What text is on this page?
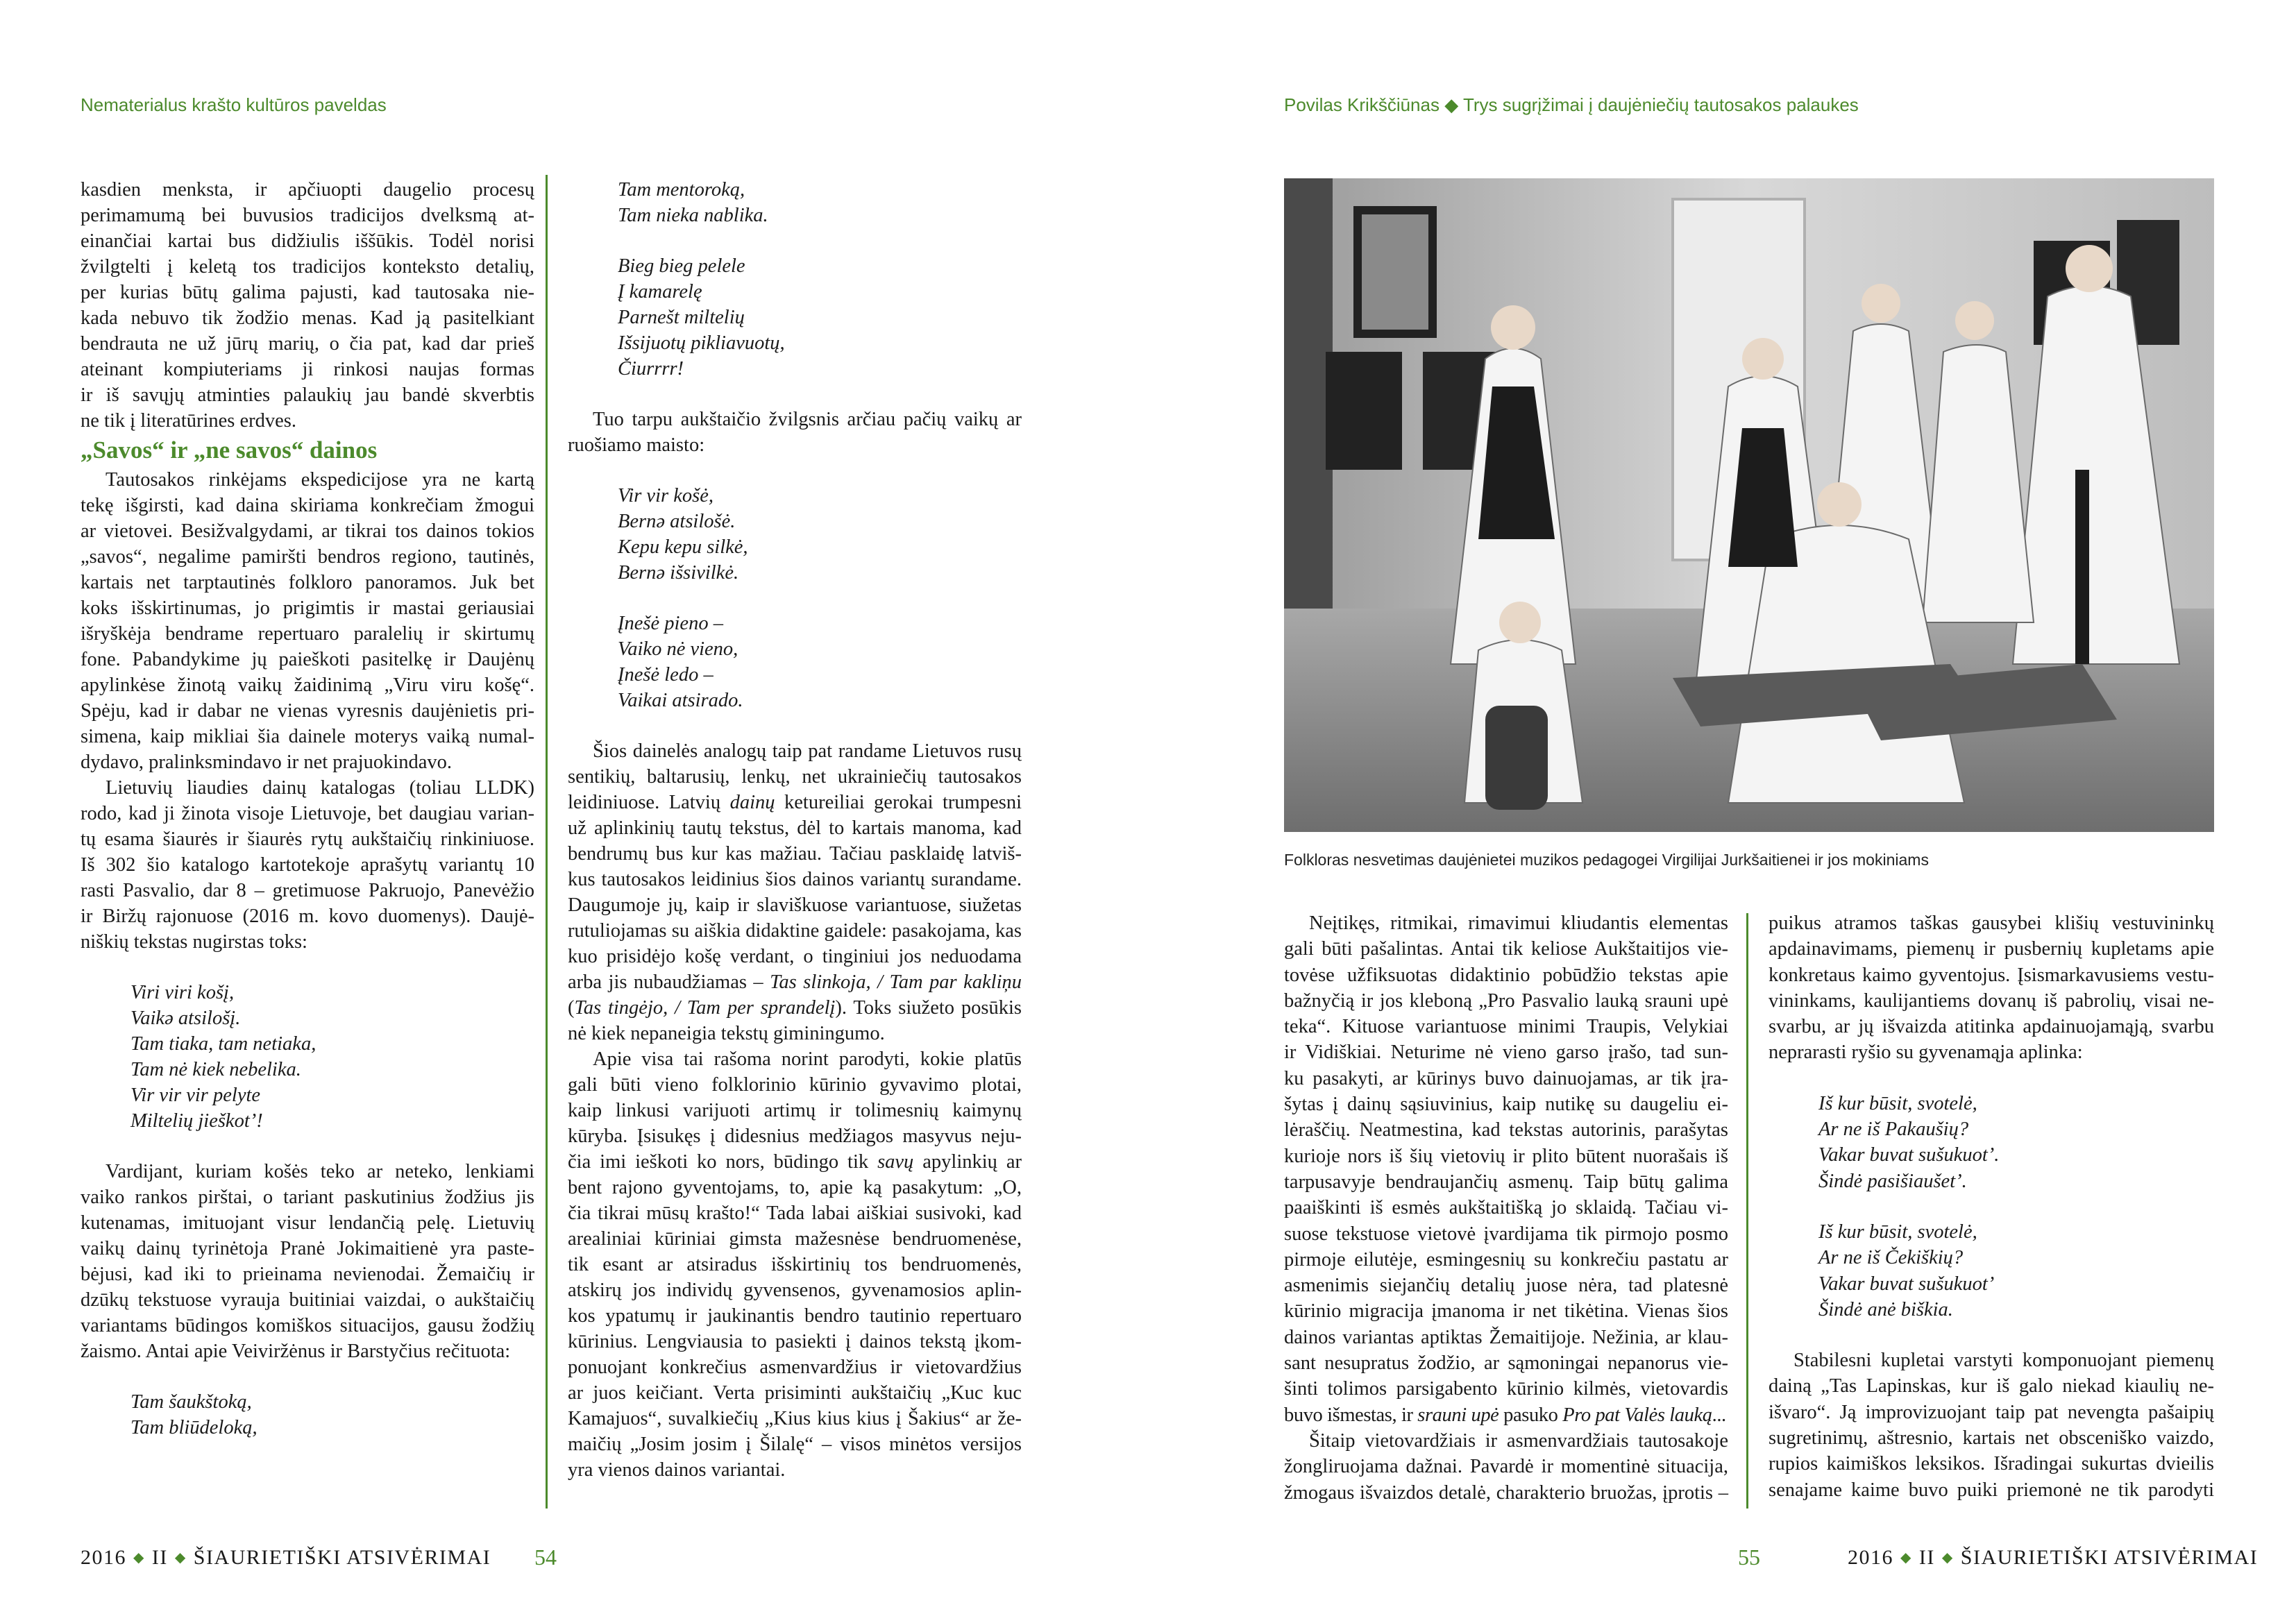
Nematerialus krašto kultūros paveldas
kasdien menksta, ir apčiuopti daugelio procesų
perimamumą bei buvusios tradicijos dvelksmą at-
einančiai kartai bus didžiulis iššūkis. Todėl norisi
žvilgtelti į keletą tos tradicijos konteksto detalių,
per kurias būtų galima pajusti, kad tautosaka nie-
kada nebuvo tik žodžio menas. Kad ją pasitelkiant
bendrauta ne už jūrų marių, o čia pat, kad dar prieš
ateinant kompiuteriams ji rinkosi naujas formas
ir iš savųjų atminties palaukių jau bandė skverbtis
ne tik į literatūrines erdves.
„Savos“ ir „ne savos“ dainos
Tautosakos rinkėjams ekspedicijose yra ne kartą
tekę išgirsti, kad daina skiriama konkrečiam žmogui
ar vietovei. Besižvalgydami, ar tikrai tos dainos tokios
„savos“, negalime pamiršti bendros regiono, tautinės,
kartais net tarptautinės folkloro panoramos. Juk bet
koks išskirtinumas, jo prigimtis ir mastai geriausiai
išryškėja bendrame repertuaro paralelių ir skirtumų
fone. Pabandykime jų paieškoti pasitelkę ir Daujėnų
apylinkėse žinotą vaikų žaidinimą „Viru viru košę“.
Spėju, kad ir dabar ne vienas vyresnis daujėnietis pri-
simena, kaip mikliai šia dainele moterys vaiką numal-
dydavo, pralinksmindavo ir net prajuokindavo.
Lietuvių liaudies dainų katalogas (toliau LLDK)
rodo, kad ji žinota visoje Lietuvoje, bet daugiau varian-
tų esama šiaurės ir šiaurės rytų aukštaičių rinkiniuose.
Iš 302 šio katalogo kartotekoje aprašytų variantų 10
rasti Pasvalio, dar 8 – gretimuose Pakruojo, Panevėžio
ir Biržų rajonuose (2016 m. kovo duomenys). Daujė-
niškių tekstas nugirstas toks:
Viri viri košį,
Vaikə atsilošį.
Tam tiaka, tam netiaka,
Tam nė kiek nebelika.
Vir vir vir pelyte
Miltelių jieškot’!
Vardijant, kuriam košės teko ar neteko, lenkiami
vaiko rankos pirštai, o tariant paskutinius žodžius jis
kutenamas, imituojant visur lendančią pelę. Lietuvių
vaikų dainų tyrinėtoja Pranė Jokimaitienė yra paste-
bėjusi, kad iki to prieinama nevienodai. Žemaičių ir
dzūkų tekstuose vyrauja buitiniai vaizdai, o aukštaičių
variantams būdingos komiškos situacijos, gausu žodžių
žaismo. Antai apie Veiviržėnus ir Barstyčius rečituota:
Tam šaukštoką,
Tam bliūdeloką,
Tam mentoroką,
Tam nieka nablika.
Bieg bieg pelele
Į kamarelę
Parnešt miltelių
Išsijuotų pikliavuotų,
Čiurrrr!
Tuo tarpu aukštaičio žvilgsnis arčiau pačių vaikų ar
ruošiamo maisto:
Vir vir košė,
Bernə atsilošė.
Kepu kepu silkė,
Bernə išsivilkė.
Įnešė pieno –
Vaiko nė vieno,
Įnešė ledo –
Vaikai atsirado.
Šios dainelės analogų taip pat randame Lietuvos rusų
sentikių, baltarusių, lenkų, net ukrainiečių tautosakos
leidiniuose. Latvių dainų ketureiliai gerokai trumpesni
už aplinkinių tautų tekstus, dėl to kartais manoma, kad
bendrumų bus kur kas mažiau. Tačiau pasklaidę latviš-
kus tautosakos leidinius šios dainos variantų surandame.
Daugumoje jų, kaip ir slaviškuose variantuose, siužetas
rutuliojamas su aiškia didaktine gaidele: pasakojama, kas
kuo prisidėjo košę verdant, o tinginiui jos neduodama
arba jis nubaudžiamas – Tas slinkoja, / Tam par kakliņu
(Tas tingėjo, / Tam per sprandelį). Toks siužeto posūkis
nė kiek nepaneigia tekstų giminingumo.
Apie visa tai rašoma norint parodyti, kokie platūs
gali būti vieno folklorinio kūrinio gyvavimo plotai,
kaip linkusi varijuoti artimų ir tolimesnių kaimynų
kūryba. Įsisukęs į didesnius medžiagos masyvus neju-
čia imi ieškoti ko nors, būdingo tik savų apylinkių ar
bent rajono gyventojams, to, apie ką pasakytum: „O,
čia tikrai mūsų krašto!“ Tada labai aiškiai susivoki, kad
arealiniai kūriniai gimsta mažesnėse bendruomenėse,
tik esant ar atsiradus išskirtinių tos bendruomenės,
atskirų jos individų gyvensenos, gyvenamosios aplin-
kos ypatumų ir jaukinantis bendro tautinio repertuaro
kūrinius. Lengviausia to pasiekti į dainos tekstą įkom-
ponuojant konkrečius asmenvardžius ir vietovardžius
ar juos keičiant. Verta prisiminti aukštaičių „Kuc kuc
Kamajuos“, suvalkiečių „Kius kius kius į Šakius“ ar že-
maičių „Josim josim į Šilalę“ – visos minėtos versijos
yra vienos dainos variantai.
2016 ◆ II ◆ ŠIAURIETIŠKI ATSIVĖRIMAI 54
Povilas Krikščiūnas ◆ Trys sugrįžimai į daujėniečių tautosakos palaukes
Folkloras nesvetimas daujėnietei muzikos pedagogei Virgilijai Jurkšaitienei ir jos mokiniams
Neįtikęs, ritmikai, rimavimui kliudantis elementas
gali būti pašalintas. Antai tik keliose Aukštaitijos vie-
tovėse užfiksuotas didaktinio pobūdžio tekstas apie
bažnyčią ir jos kleboną „Pro Pasvalio lauką srauni upė
teka“. Kituose variantuose minimi Traupis, Velykiai
ir Vidiškiai. Neturime nė vieno garso įrašo, tad sun-
ku pasakyti, ar kūrinys buvo dainuojamas, ar tik įra-
šytas į dainų sąsiuvinius, kaip nutikę su daugeliu ei-
lėraščių. Neatmestina, kad tekstas autorinis, parašytas
kurioje nors iš šių vietovių ir plito būtent nuorašais iš
tarpusavyje bendraujančių asmenų. Taip būtų galima
paaiškinti iš esmės aukštaitišką jo sklaidą. Tačiau vi-
suose tekstuose vietovė įvardijama tik pirmojo posmo
pirmoje eilutėje, esmingesnių su konkrečiu pastatu ar
asmenimis siejančių detalių juose nėra, tad platesnė
kūrinio migracija įmanoma ir net tikėtina. Vienas šios
dainos variantas aptiktas Žemaitijoje. Nežinia, ar klau-
sant nesupratus žodžio, ar sąmoningai nepanorus vie-
šinti tolimos parsigabento kūrinio kilmės, vietovardis
buvo išmestas, ir srauni upė pasuko Pro pat Valės lauką...
Šitaip vietovardžiais ir asmenvardžiais tautosakoje
žongliruojama dažnai. Pavardė ir momentinė situacija,
žmogaus išvaizdos detalė, charakterio bruožas, įprotis –
puikus atramos taškas gausybei klišių vestuvininkų
apdainavimams, piemenų ir pusbernių kupletams apie
konkretaus kaimo gyventojus. Įsismarkavusiems vestu-
vininkams, kaulijantiems dovanų iš pabrolių, visai ne-
svarbu, ar jų išvaizda atitinka apdainuojamąją, svarbu
neprarasti ryšio su gyvenamąja aplinka:
Iš kur būsit, svotelė,
Ar ne iš Pakaušių?
Vakar buvat sušukuot’.
Šindė pasišiaušet’.
Iš kur būsit, svotelė,
Ar ne iš Čekiškių?
Vakar buvat sušukuot’
Šindė anė biškia.
Stabilesni kupletai varstyti komponuojant piemenų
dainą „Tas Lapinskas, kur iš galo niekad kiaulių ne-
išvaro“. Ją improvizuojant taip pat nevengta pašaipių
sugretinimų, aštresnio, kartais net obsceniško vaizdo,
rupios kaimiškos leksikos. Išradingai sukurtas dvieilis
senajame kaime buvo puiki priemonė ne tik parodyti
55	2016 ◆ II ◆ ŠIAURIETIŠKI ATSIVĖRIMAI
